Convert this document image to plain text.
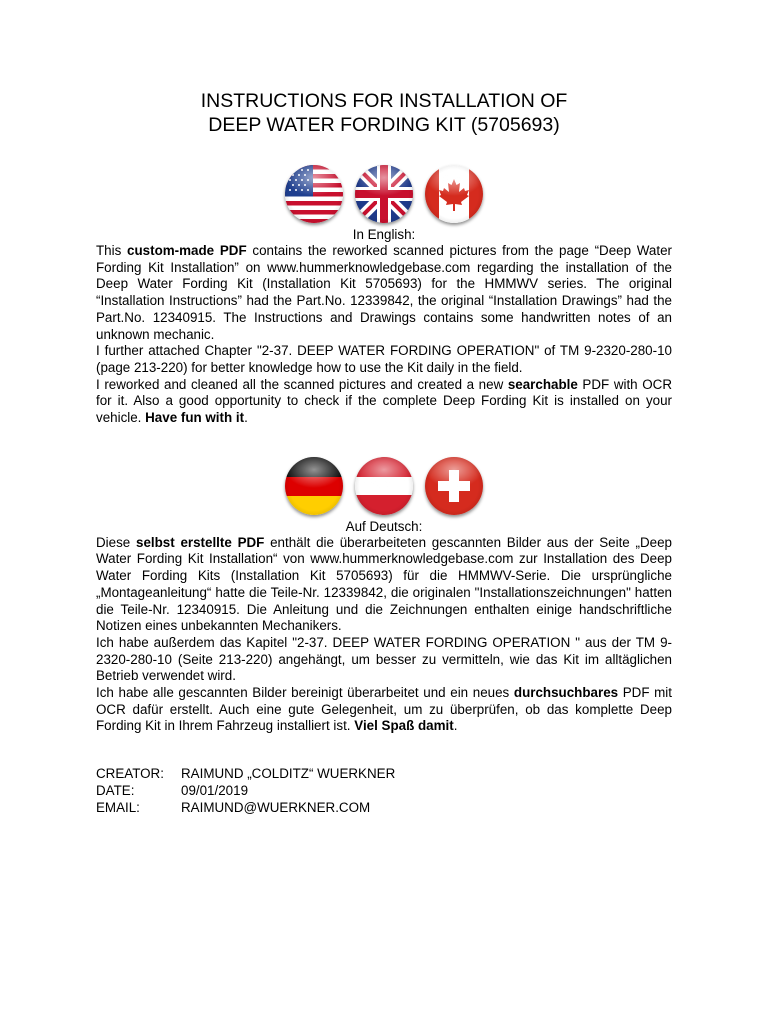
INSTRUCTIONS FOR INSTALLATION OF
DEEP WATER FORDING KIT (5705693)
In English:

This custom-made PDF contains the reworked scanned pictures from the page “Deep Water Fording Kit Installation” on www.hummerknowledgebase.com regarding the installation of the Deep Water Fording Kit (Installation Kit 5705693) for the HMMWV series. The original “Installation Instructions” had the Part.No. 12339842, the original “Installation Drawings” had the Part.No. 12340915. The Instructions and Drawings contains some handwritten notes of an unknown mechanic.

I further attached Chapter "2-37. DEEP WATER FORDING OPERATION" of TM 9-2320-280-10 (page 213-220) for better knowledge how to use the Kit daily in the field.

I reworked and cleaned all the scanned pictures and created a new searchable PDF with OCR for it. Also a good opportunity to check if the complete Deep Fording Kit is installed on your vehicle. Have fun with it.

Auf Deutsch:

Diese selbst erstellte PDF enthält die überarbeiteten gescannten Bilder aus der Seite „Deep Water Fording Kit Installation“ von www.hummerknowledgebase.com zur Installation des Deep Water Fording Kits (Installation Kit 5705693) für die HMMWV-Serie. Die ursprüngliche „Montageanleitung“ hatte die Teile-Nr. 12339842, die originalen "Installationszeichnungen" hatten die Teile-Nr. 12340915. Die Anleitung und die Zeichnungen enthalten einige handschriftliche Notizen eines unbekannten Mechanikers.

Ich habe außerdem das Kapitel "2-37. DEEP WATER FORDING OPERATION " aus der TM 9-2320-280-10 (Seite 213-220) angehängt, um besser zu vermitteln, wie das Kit im alltäglichen Betrieb verwendet wird.

Ich habe alle gescannten Bilder bereinigt überarbeitet und ein neues durchsuchbares PDF mit OCR dafür erstellt. Auch eine gute Gelegenheit, um zu überprüfen, ob das komplette Deep Fording Kit in Ihrem Fahrzeug installiert ist. Viel Spaß damit.

CREATOR:	RAIMUND „COLDITZ“ WUERKNER
DATE:	09/01/2019
EMAIL:	RAIMUND@WUERKNER.COM
